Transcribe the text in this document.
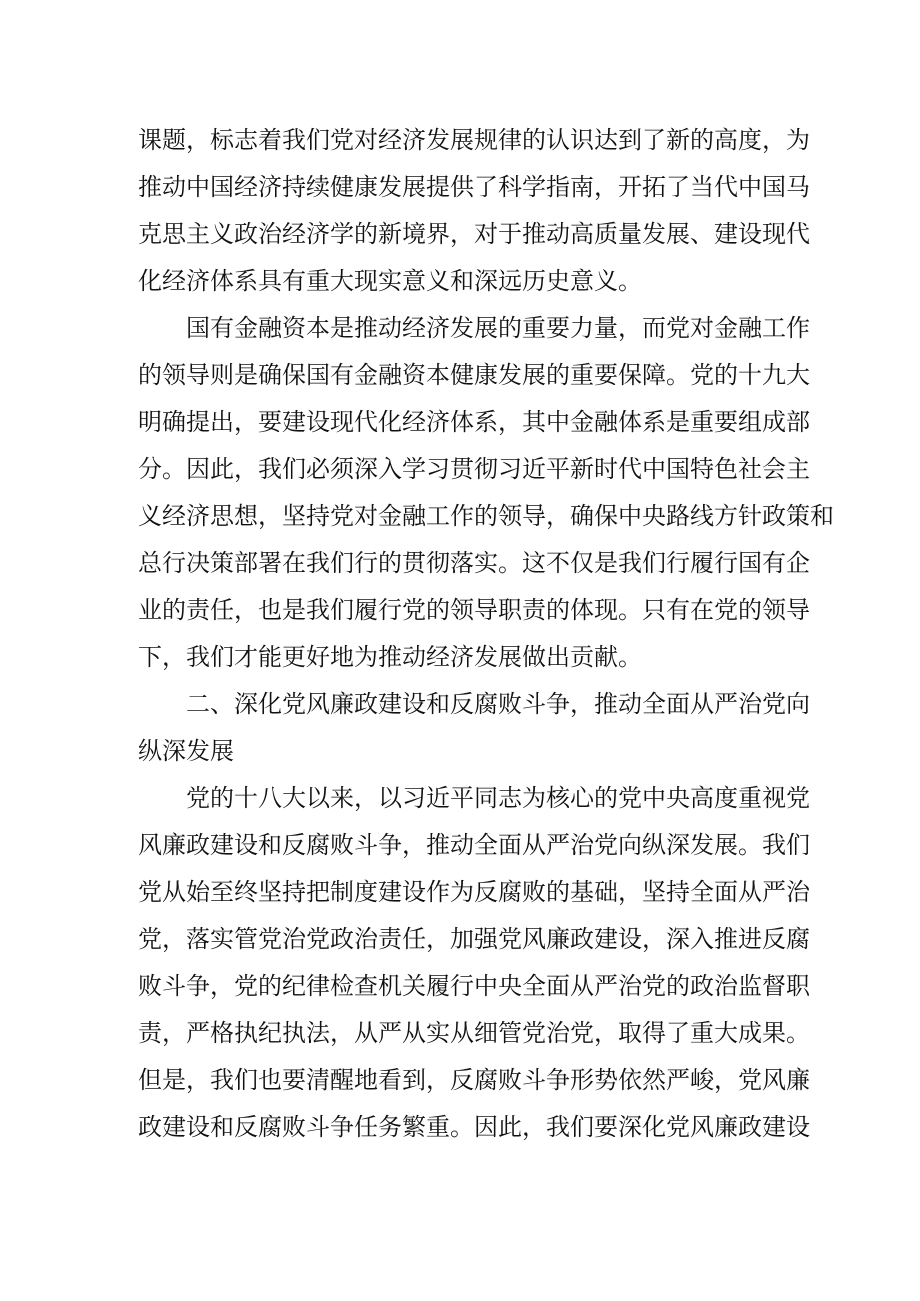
课题，标志着我们党对经济发展规律的认识达到了新的高度，为
推动中国经济持续健康发展提供了科学指南，开拓了当代中国马
克思主义政治经济学的新境界，对于推动高质量发展、建设现代
化经济体系具有重大现实意义和深远历史意义。
国有金融资本是推动经济发展的重要力量，而党对金融工作
的领导则是确保国有金融资本健康发展的重要保障。党的十九大
明确提出，要建设现代化经济体系，其中金融体系是重要组成部
分。因此，我们必须深入学习贯彻习近平新时代中国特色社会主
义经济思想，坚持党对金融工作的领导，确保中央路线方针政策和
总行决策部署在我们行的贯彻落实。这不仅是我们行履行国有企
业的责任，也是我们履行党的领导职责的体现。只有在党的领导
下，我们才能更好地为推动经济发展做出贡献。
二、深化党风廉政建设和反腐败斗争，推动全面从严治党向
纵深发展
党的十八大以来，以习近平同志为核心的党中央高度重视党
风廉政建设和反腐败斗争，推动全面从严治党向纵深发展。我们
党从始至终坚持把制度建设作为反腐败的基础，坚持全面从严治
党，落实管党治党政治责任，加强党风廉政建设，深入推进反腐
败斗争，党的纪律检查机关履行中央全面从严治党的政治监督职
责，严格执纪执法，从严从实从细管党治党，取得了重大成果。
但是，我们也要清醒地看到，反腐败斗争形势依然严峻，党风廉
政建设和反腐败斗争任务繁重。因此，我们要深化党风廉政建设
